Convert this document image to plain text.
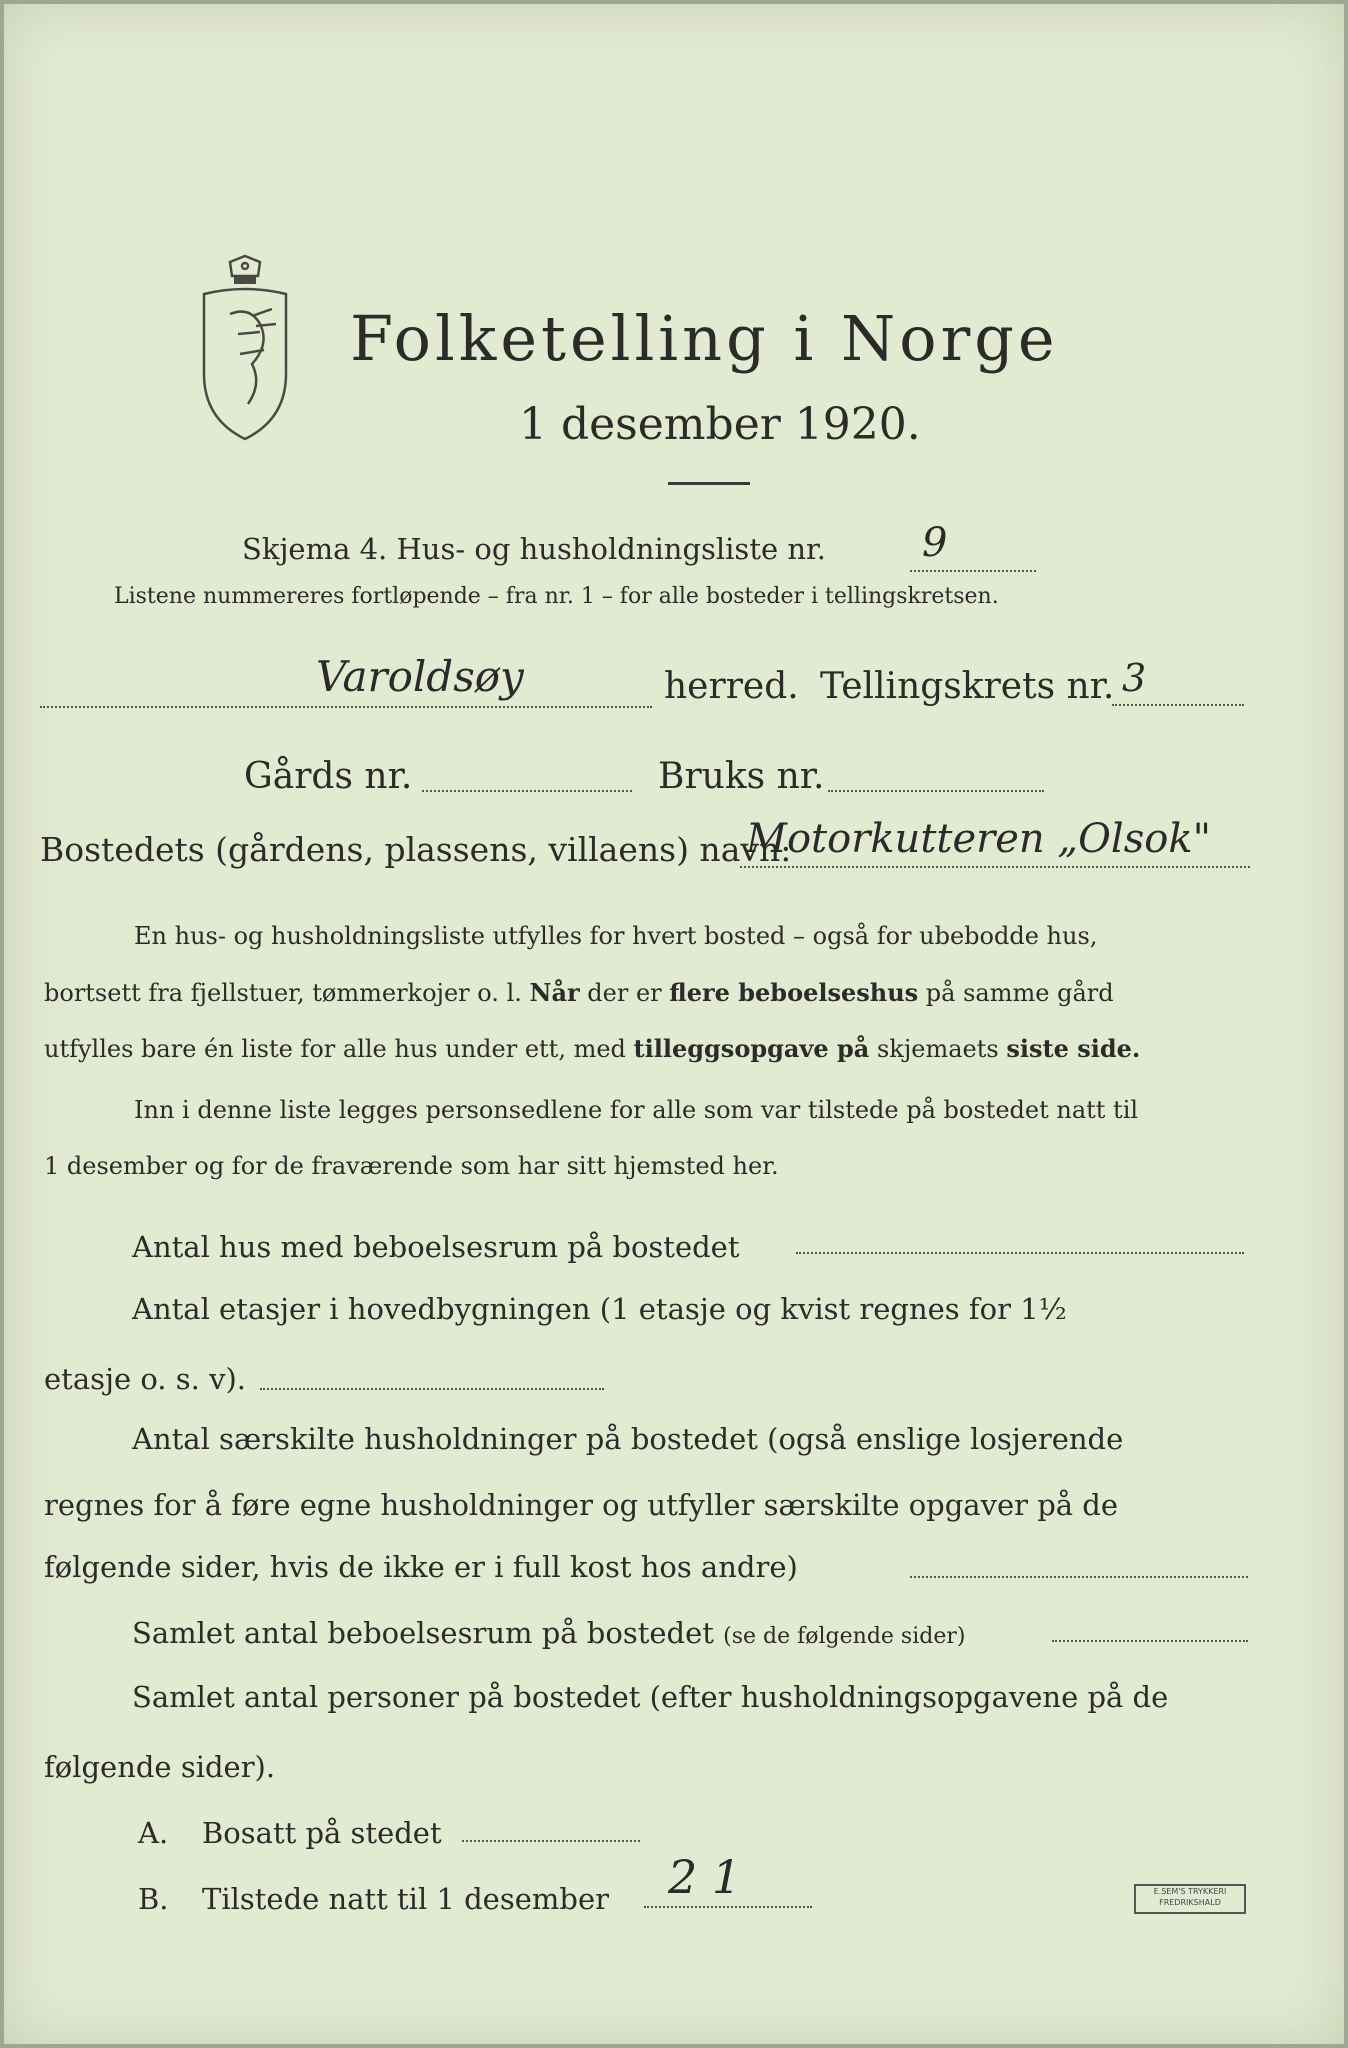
Folketelling i Norge
1 desember 1920.
Skjema 4. Hus- og husholdningsliste nr. 9
Listene nummereres fortløpende – fra nr. 1 – for alle bosteder i tellingskretsen.
Varoldsøy	herred. Tellingskrets nr. 3
Gårds nr.	Bruks nr.
Bostedets (gårdens, plassens, villaens) navn:
Motorkutteren „Olsok"
En hus- og husholdningsliste utfylles for hvert bosted – også for ubebodde hus,
bortsett fra fjellstuer, tømmerkojer o. l. Når der er flere beboelseshus på samme gård
utfylles bare én liste for alle hus under ett, med tilleggsopgave på skjemaets siste side.
Inn i denne liste legges personsedlene for alle som var tilstede på bostedet natt til
1 desember og for de fraværende som har sitt hjemsted her.
Antal hus med beboelsesrum på bostedet
Antal etasjer i hovedbygningen (1 etasje og kvist regnes for 1½
etasje o. s. v).
Antal særskilte husholdninger på bostedet (også enslige losjerende
regnes for å føre egne husholdninger og utfyller særskilte opgaver på de
følgende sider, hvis de ikke er i full kost hos andre)
Samlet antal beboelsesrum på bostedet (se de følgende sider)
Samlet antal personer på bostedet (efter husholdningsopgavene på de
følgende sider).
A. Bosatt på stedet
B. Tilstede natt til 1 desember 2 1	E.SEM'S TRYKKERI
FREDRIKSHALD
